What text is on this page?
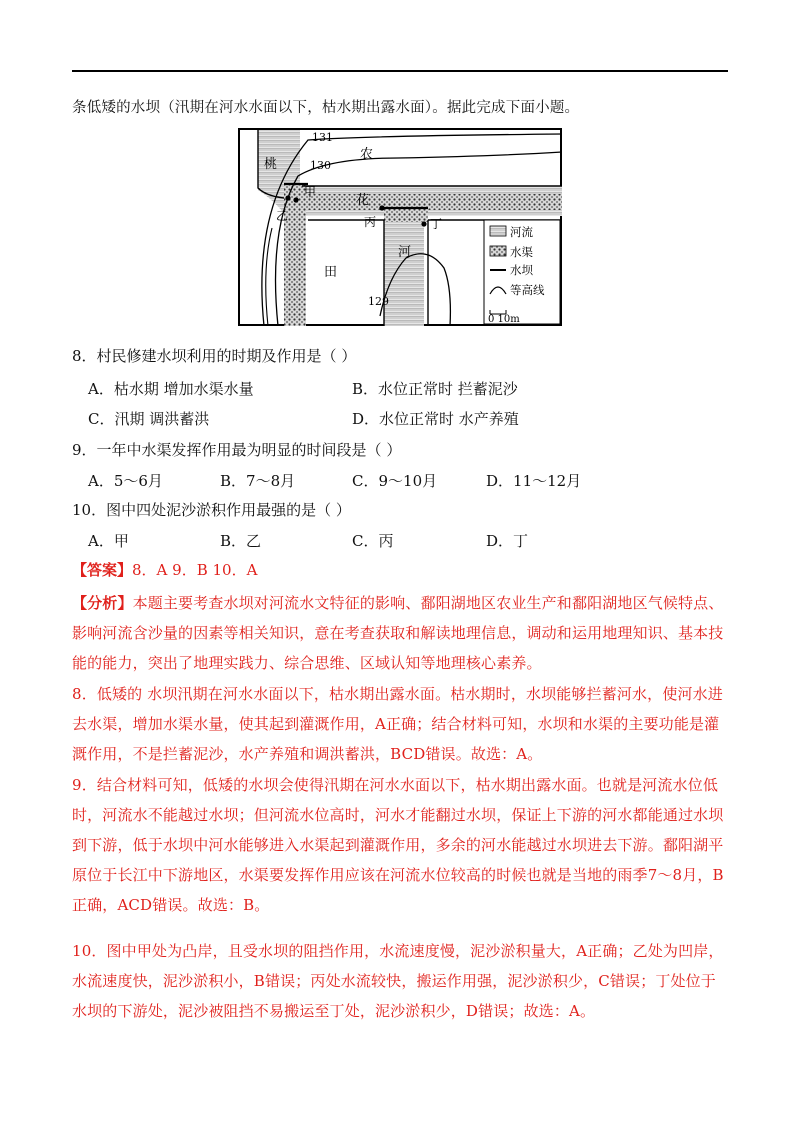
条低矮的水坝（汛期在河水水面以下，枯水期出露水面）。据此完成下面小题。
131
130
129
桃
农
花
田
河
甲
乙	丙	丁
河流
水渠
水坝
等高线
0 10m
8．村民修建水坝利用的时期及作用是（ ）
A．枯水期 增加水渠水量	B．水位正常时 拦蓄泥沙
C．汛期 调洪蓄洪	D．水位正常时 水产养殖
9．一年中水渠发挥作用最为明显的时间段是（ ）
A．5～6月	B．7～8月	C．9～10月	D．11～12月
10．图中四处泥沙淤积作用最强的是（ ）
A．甲	B．乙	C．丙	D．丁
【答案】8．A 9．B 10．A
【分析】本题主要考查水坝对河流水文特征的影响、鄱阳湖地区农业生产和鄱阳湖地区气候特点、影响河流含沙量的因素等相关知识，意在考查获取和解读地理信息，调动和运用地理知识、基本技能的能力，突出了地理实践力、综合思维、区域认知等地理核心素养。
8．低矮的 水坝汛期在河水水面以下，枯水期出露水面。枯水期时，水坝能够拦蓄河水，使河水进去水渠，增加水渠水量，使其起到灌溉作用，A正确；结合材料可知，水坝和水渠的主要功能是灌溉作用，不是拦蓄泥沙，水产养殖和调洪蓄洪，BCD错误。故选：A。
9．结合材料可知，低矮的水坝会使得汛期在河水水面以下，枯水期出露水面。也就是河流水位低时，河流水不能越过水坝；但河流水位高时，河水才能翻过水坝，保证上下游的河水都能通过水坝到下游，低于水坝中河水能够进入水渠起到灌溉作用，多余的河水能越过水坝进去下游。鄱阳湖平原位于长江中下游地区，水渠要发挥作用应该在河流水位较高的时候也就是当地的雨季7～8月，B正确，ACD错误。故选：B。
10．图中甲处为凸岸，且受水坝的阻挡作用，水流速度慢，泥沙淤积量大，A正确；乙处为凹岸，水流速度快，泥沙淤积小，B错误；丙处水流较快，搬运作用强，泥沙淤积少，C错误；丁处位于水坝的下游处，泥沙被阻挡不易搬运至丁处，泥沙淤积少，D错误；故选：A。
